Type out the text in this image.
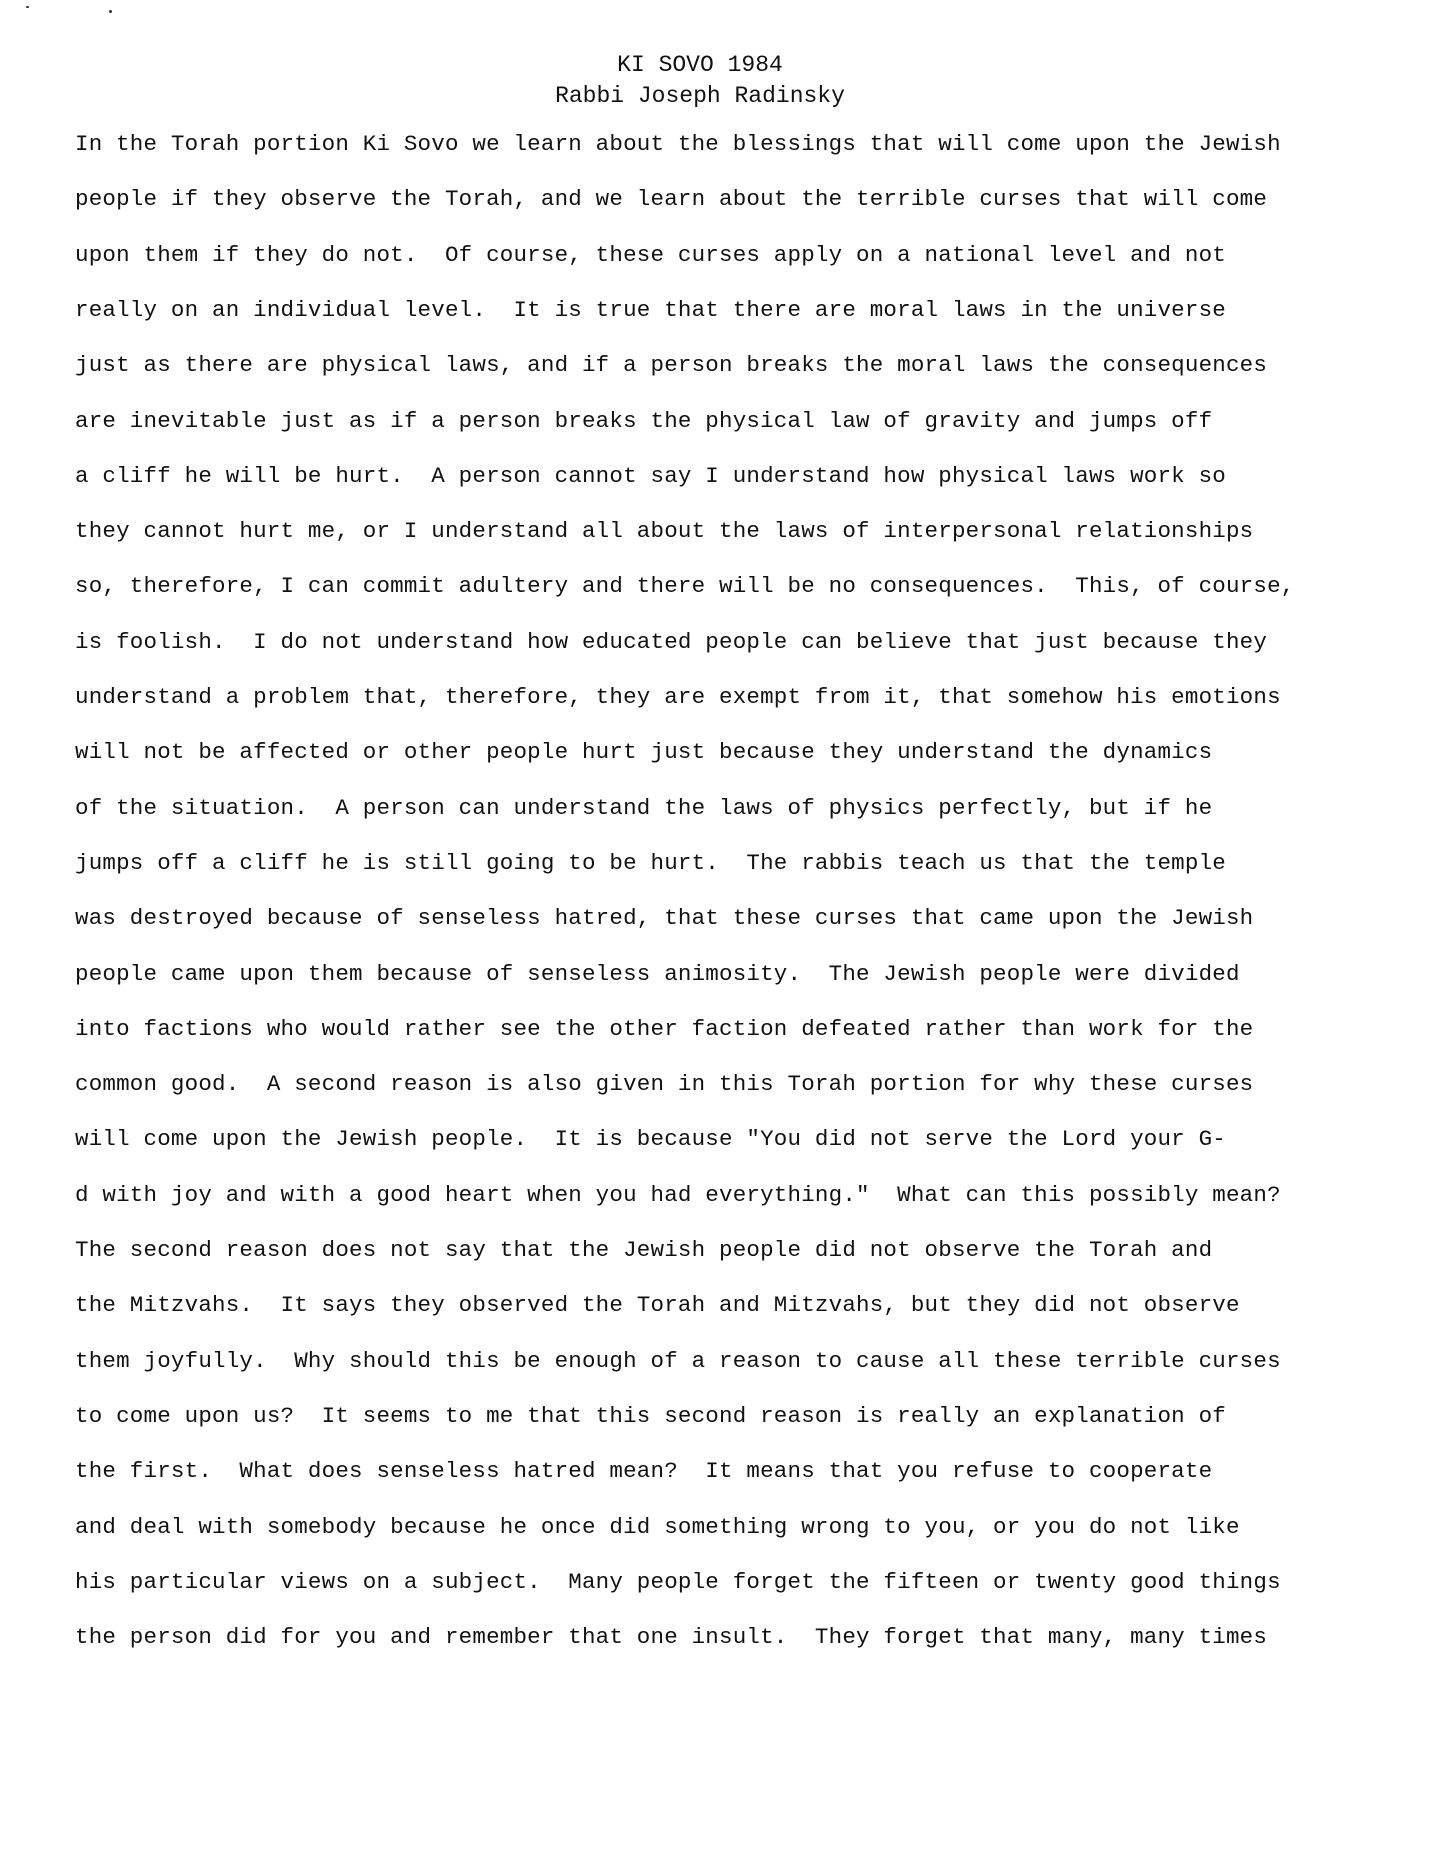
KI SOVO 1984
Rabbi Joseph Radinsky
In the Torah portion Ki Sovo we learn about the blessings that will come upon the Jewish
people if they observe the Torah, and we learn about the terrible curses that will come
upon them if they do not.  Of course, these curses apply on a national level and not
really on an individual level.  It is true that there are moral laws in the universe
just as there are physical laws, and if a person breaks the moral laws the consequences
are inevitable just as if a person breaks the physical law of gravity and jumps off
a cliff he will be hurt.  A person cannot say I understand how physical laws work so
they cannot hurt me, or I understand all about the laws of interpersonal relationships
so, therefore, I can commit adultery and there will be no consequences.  This, of course,
is foolish.  I do not understand how educated people can believe that just because they
understand a problem that, therefore, they are exempt from it, that somehow his emotions
will not be affected or other people hurt just because they understand the dynamics
of the situation.  A person can understand the laws of physics perfectly, but if he
jumps off a cliff he is still going to be hurt.  The rabbis teach us that the temple
was destroyed because of senseless hatred, that these curses that came upon the Jewish
people came upon them because of senseless animosity.  The Jewish people were divided
into factions who would rather see the other faction defeated rather than work for the
common good.  A second reason is also given in this Torah portion for why these curses
will come upon the Jewish people.  It is because "You did not serve the Lord your G-
d with joy and with a good heart when you had everything."  What can this possibly mean?
The second reason does not say that the Jewish people did not observe the Torah and
the Mitzvahs.  It says they observed the Torah and Mitzvahs, but they did not observe
them joyfully.  Why should this be enough of a reason to cause all these terrible curses
to come upon us?  It seems to me that this second reason is really an explanation of
the first.  What does senseless hatred mean?  It means that you refuse to cooperate
and deal with somebody because he once did something wrong to you, or you do not like
his particular views on a subject.  Many people forget the fifteen or twenty good things
the person did for you and remember that one insult.  They forget that many, many times
